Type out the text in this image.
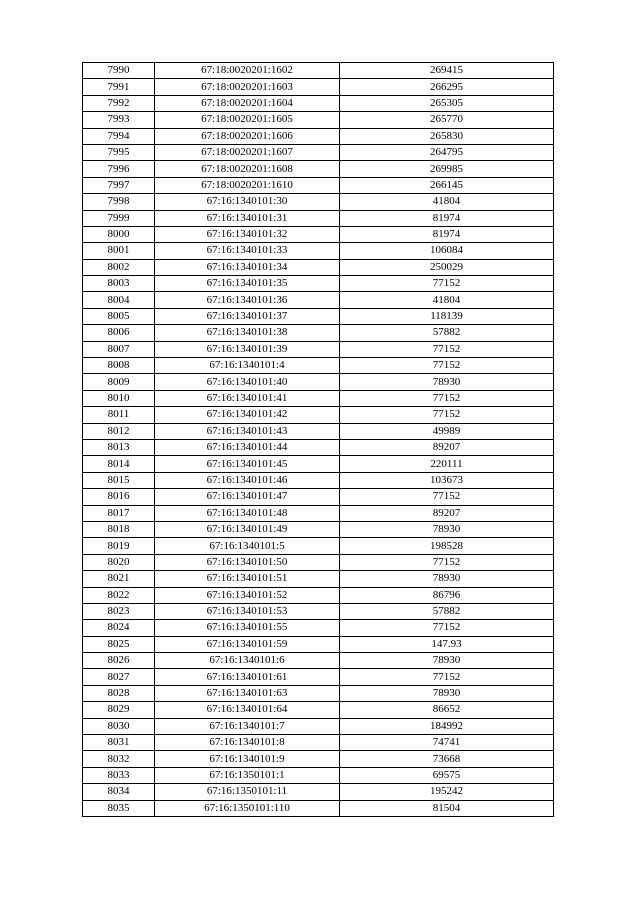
7990	67:18:0020201:1602	269415
7991	67:18:0020201:1603	266295
7992	67:18:0020201:1604	265305
7993	67:18:0020201:1605	265770
7994	67:18:0020201:1606	265830
7995	67:18:0020201:1607	264795
7996	67:18:0020201:1608	269985
7997	67:18:0020201:1610	266145
7998	67:16:1340101:30	41804
7999	67:16:1340101:31	81974
8000	67:16:1340101:32	81974
8001	67:16:1340101:33	106084
8002	67:16:1340101:34	250029
8003	67:16:1340101:35	77152
8004	67:16:1340101:36	41804
8005	67:16:1340101:37	118139
8006	67:16:1340101:38	57882
8007	67:16:1340101:39	77152
8008	67:16:1340101:4	77152
8009	67:16:1340101:40	78930
8010	67:16:1340101:41	77152
8011	67:16:1340101:42	77152
8012	67:16:1340101:43	49989
8013	67:16:1340101:44	89207
8014	67:16:1340101:45	220111
8015	67:16:1340101:46	103673
8016	67:16:1340101:47	77152
8017	67:16:1340101:48	89207
8018	67:16:1340101:49	78930
8019	67:16:1340101:5	198528
8020	67:16:1340101:50	77152
8021	67:16:1340101:51	78930
8022	67:16:1340101:52	86796
8023	67:16:1340101:53	57882
8024	67:16:1340101:55	77152
8025	67:16:1340101:59	147.93
8026	67:16:1340101:6	78930
8027	67:16:1340101:61	77152
8028	67:16:1340101:63	78930
8029	67:16:1340101:64	86652
8030	67:16:1340101:7	184992
8031	67:16:1340101:8	74741
8032	67:16:1340101:9	73668
8033	67:16:1350101:1	69575
8034	67:16:1350101:11	195242
8035	67:16:1350101:110	81504
